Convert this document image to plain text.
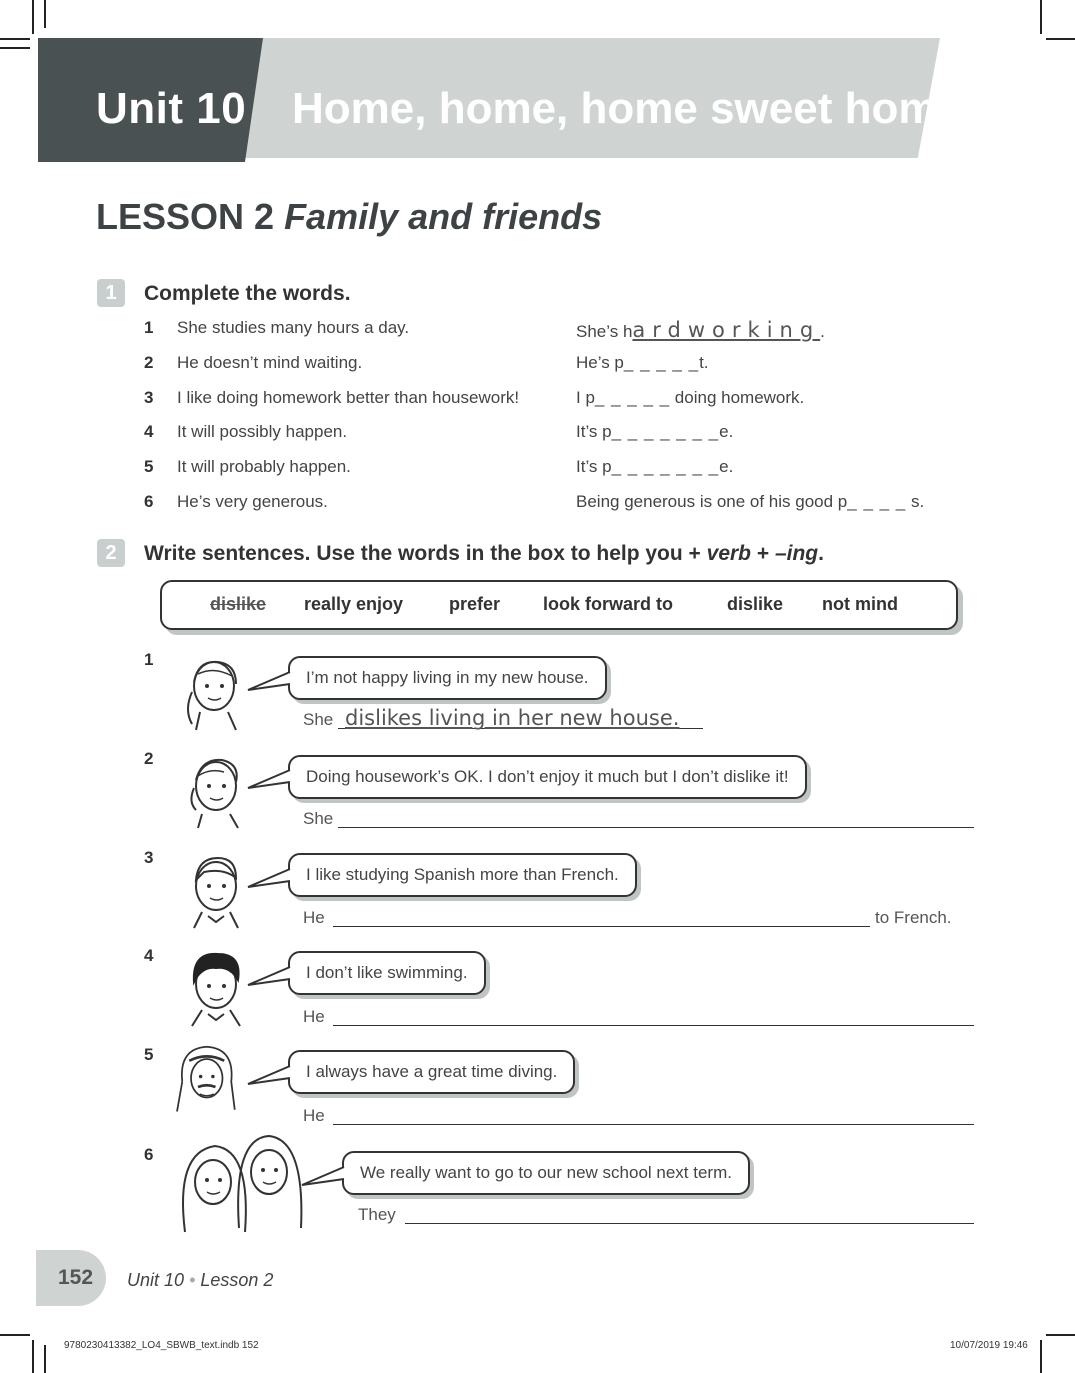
Unit 10 Home, home, home sweet home
LESSON 2 Family and friends
1	Complete the words.
1 She studies many hours a day.	She’s hardworking.
2 He doesn’t mind waiting.	He’s p_ _ _ _ _t.
3 I like doing homework better than housework!	I p_ _ _ _ _ doing homework.
4 It will possibly happen.	It’s p_ _ _ _ _ _ _e.
5 It will probably happen.	It’s p_ _ _ _ _ _ _e.
6 He’s very generous.	Being generous is one of his good p_ _ _ _ s.
2	Write sentences. Use the words in the box to help you + verb + –ing.
dislike really enjoy	prefer look forward to	dislike not mind
1
I’m not happy living in my new house.
She dislikes living in her new house.
2
Doing housework’s OK. I don’t enjoy it much but I don’t dislike it!
She
3
I like studying Spanish more than French.
He	to French.
4
I don’t like swimming.
He
5
I always have a great time diving.
He
6
We really want to go to our new school next term.
They
152 Unit 10 • Lesson 2
9780230413382_LO4_SBWB_text.indb 152	10/07/2019 19:46
